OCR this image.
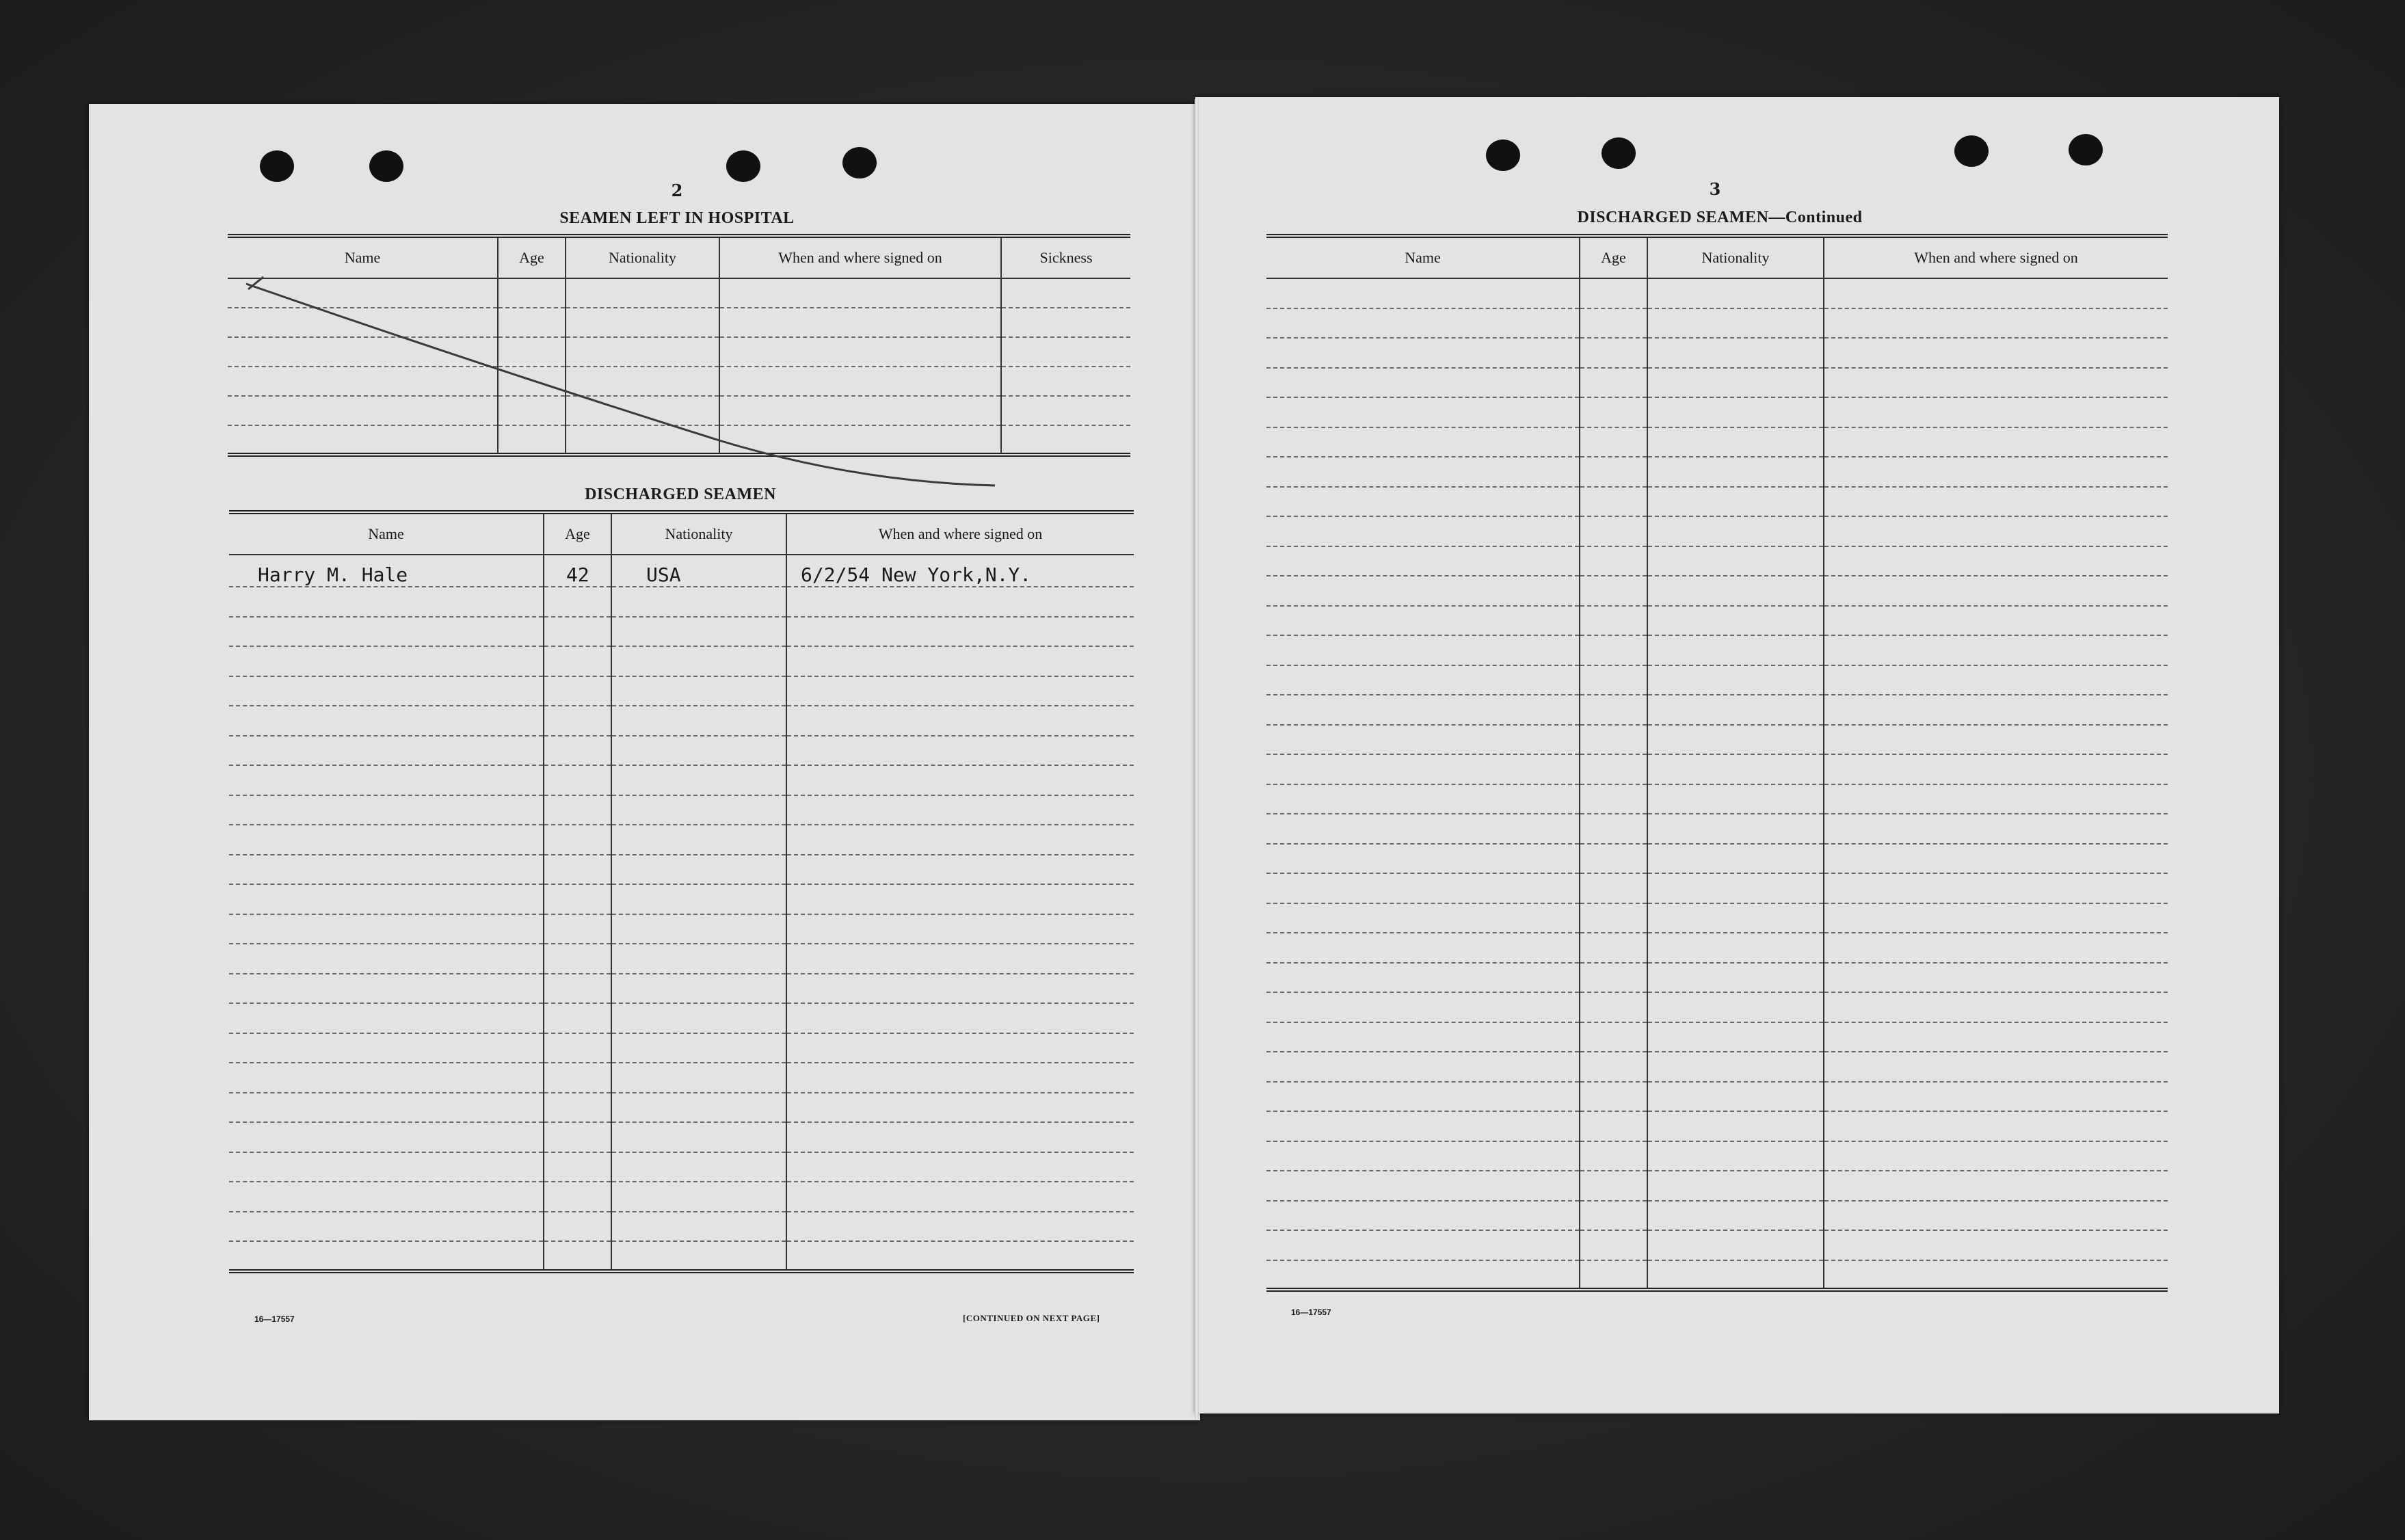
2
SEAMEN LEFT IN HOSPITAL
Name	Age	Nationality	When and where signed on	Sickness

DISCHARGED SEAMEN
Name	Age	Nationality	When and where signed on
Harry M. Hale	42	USA	6/2/54 New York,N.Y.

16—17557	[CONTINUED ON NEXT PAGE]
3
DISCHARGED SEAMEN—Continued
Name	Age	Nationality	When and where signed on

16—17557
